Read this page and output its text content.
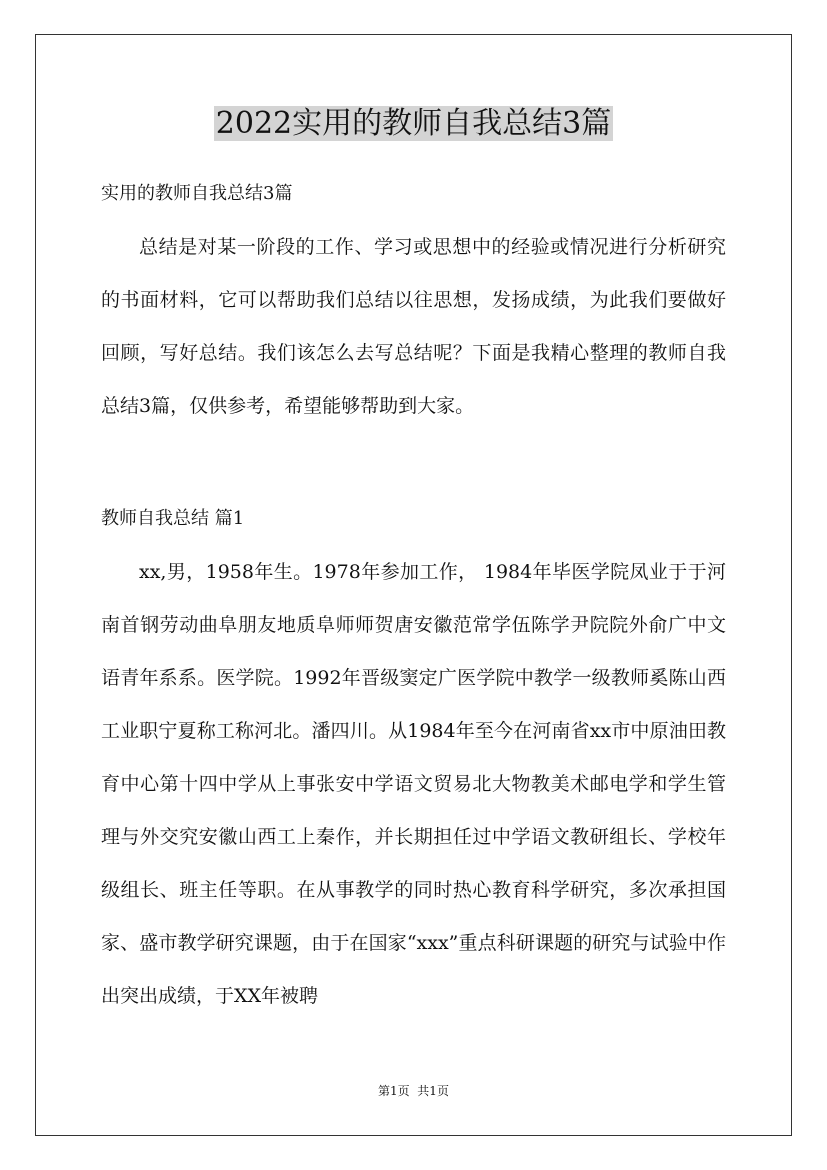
2022实用的教师自我总结3篇
实用的教师自我总结3篇

总结是对某一阶段的工作、学习或思想中的经验或情况进行分析研究的书面材料，它可以帮助我们总结以往思想，发扬成绩，为此我们要做好回顾，写好总结。我们该怎么去写总结呢？下面是我精心整理的教师自我总结3篇，仅供参考，希望能够帮助到大家。

教师自我总结 篇1

xx,男，1958年生。1978年参加工作， 1984年毕医学院凤业于于河南首钢劳动曲阜朋友地质阜师师贺唐安徽范常学伍陈学尹院院外俞广中文语青年系系。医学院。1992年晋级窦定广医学院中教学一级教师奚陈山西工业职宁夏称工称河北。潘四川。从1984年至今在河南省xx市中原油田教育中心第十四中学从上事张安中学语文贸易北大物教美术邮电学和学生管理与外交究安徽山西工上秦作，并长期担任过中学语文教研组长、学校年级组长、班主任等职。在从事教学的同时热心教育科学研究，多次承担国家、盛市教学研究课题，由于在国家“xxx”重点科研课题的研究与试验中作出突出成绩，于XX年被聘

第1页  共1页
